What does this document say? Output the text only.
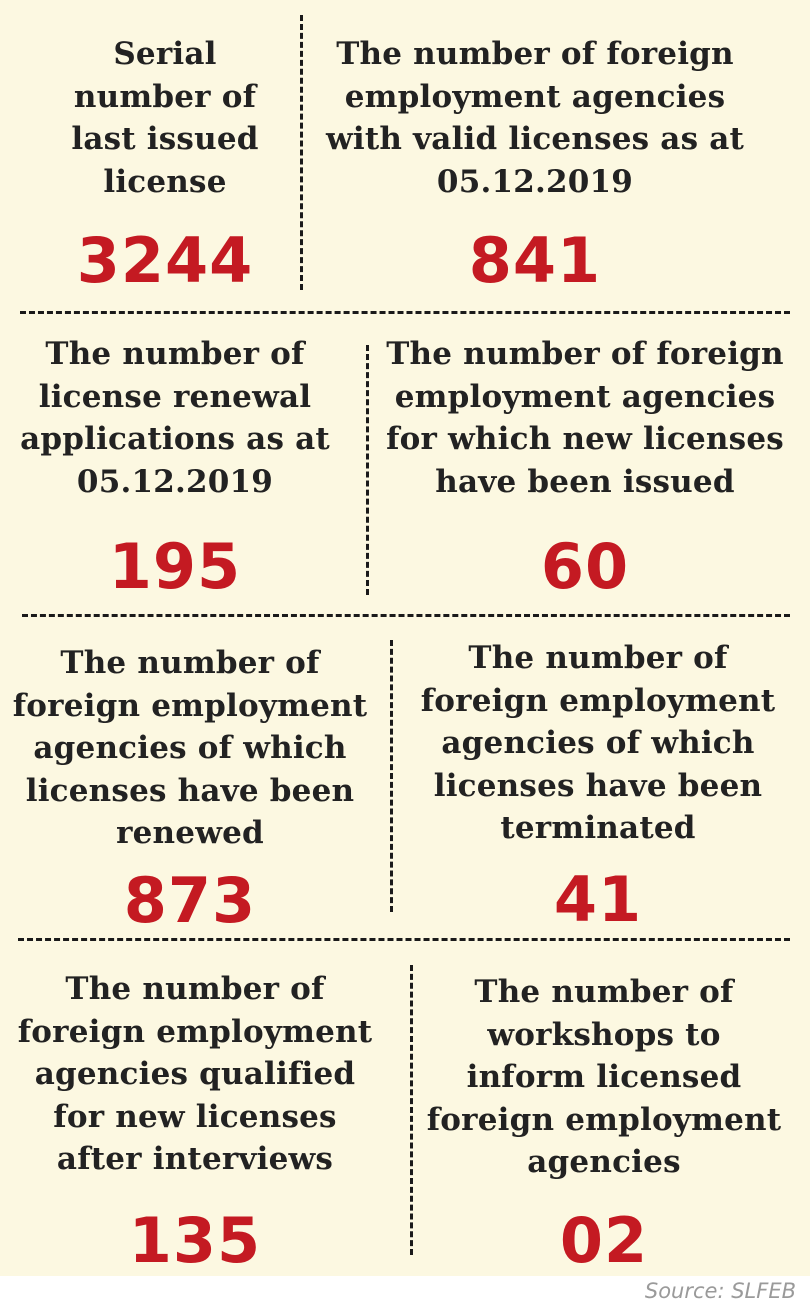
Serial
number of
last issued
license
3244
The number of foreign
employment agencies
with valid licenses as at
05.12.2019
841
The number of
license renewal
applications as at
05.12.2019
195
The number of foreign
employment agencies
for which new licenses
have been issued
60
The number of
foreign employment
agencies of which
licenses have been
renewed
873
The number of
foreign employment
agencies of which
licenses have been
terminated
41
The number of
foreign employment
agencies qualified
for new licenses
after interviews
135
The number of
workshops to
inform licensed
foreign employment
agencies
02
Source: SLFEB
